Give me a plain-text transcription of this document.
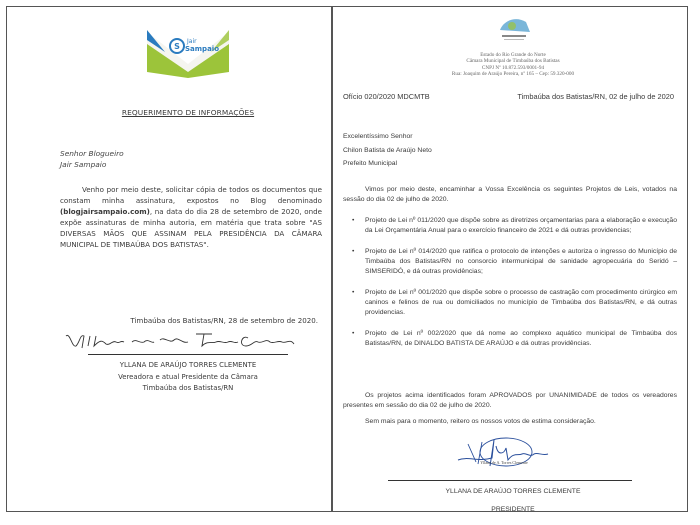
S
Jair
Sampaio
REQUERIMENTO DE INFORMAÇÕES
Senhor Blogueiro
Jair Sampaio
Venho por meio deste, solicitar cópia de todos os documentos que constam minha assinatura, expostos no Blog denominado (blogjairsampaio.com), na data do dia 28 de setembro de 2020, onde expõe assinaturas de minha autoria, em matéria que trata sobre "AS DIVERSAS MÃOS QUE ASSINAM PELA PRESIDÊNCIA DA CÂMARA MUNICIPAL DE TIMBAÚBA DOS BATISTAS".
Timbaúba dos Batistas/RN, 28 de setembro de 2020.
YLLANA DE ARAÚJO TORRES CLEMENTE
Vereadora e atual Presidente da Câmara
Timbaúba dos Batistas/RN
Estado do Rio Grande do Norte
Câmara Municipal de Timbaúba dos Batistas
CNPJ Nº 10.872.593/0001-94
Rua: Joaquim de Araújo Pereira, nº 165 – Cep: 59.320-000
Ofício 020/2020 MDCMTB	Timbaúba dos Batistas/RN, 02 de julho de 2020
Excelentíssimo Senhor
Chilon Batista de Araújo Neto
Prefeito Municipal
Vimos por meio deste, encaminhar a Vossa Excelência os seguintes Projetos de Leis, votados na sessão do dia 02 de julho de 2020.
• Projeto de Lei nº 011/2020 que dispõe sobre as diretrizes orçamentarias para a elaboração e execução da Lei Orçamentária Anual para o exercício financeiro de 2021 e dá outras providencias;
• Projeto de Lei nº 014/2020 que ratifica o protocolo de intenções e autoriza o ingresso do Município de Timbaúba dos Batistas/RN no consorcio intermunicipal de sanidade agropecuária do Seridó – SIMSERIDÓ, e dá outras providências;
• Projeto de Lei nº 001/2020 que dispõe sobre o processo de castração com procedimento cirúrgico em caninos e felinos de rua ou domiciliados no município de Timbaúba dos Batistas/RN, e dá outras providencias.
• Projeto de Lei nº 002/2020 que dá nome ao complexo aquático municipal de Timbaúba dos Batistas/RN, de DINALDO BATISTA DE ARAÚJO e dá outras providências.
Os projetos acima identificados foram APROVADOS por UNANIMIDADE de todos os vereadores presentes em sessão do dia 02 de julho de 2020.
Sem mais para o momento, reitero os nossos votos de estima consideração.
Yllana de A. Torres Clemente
YLLANA DE ARAÚJO TORRES CLEMENTE
PRESIDENTE
